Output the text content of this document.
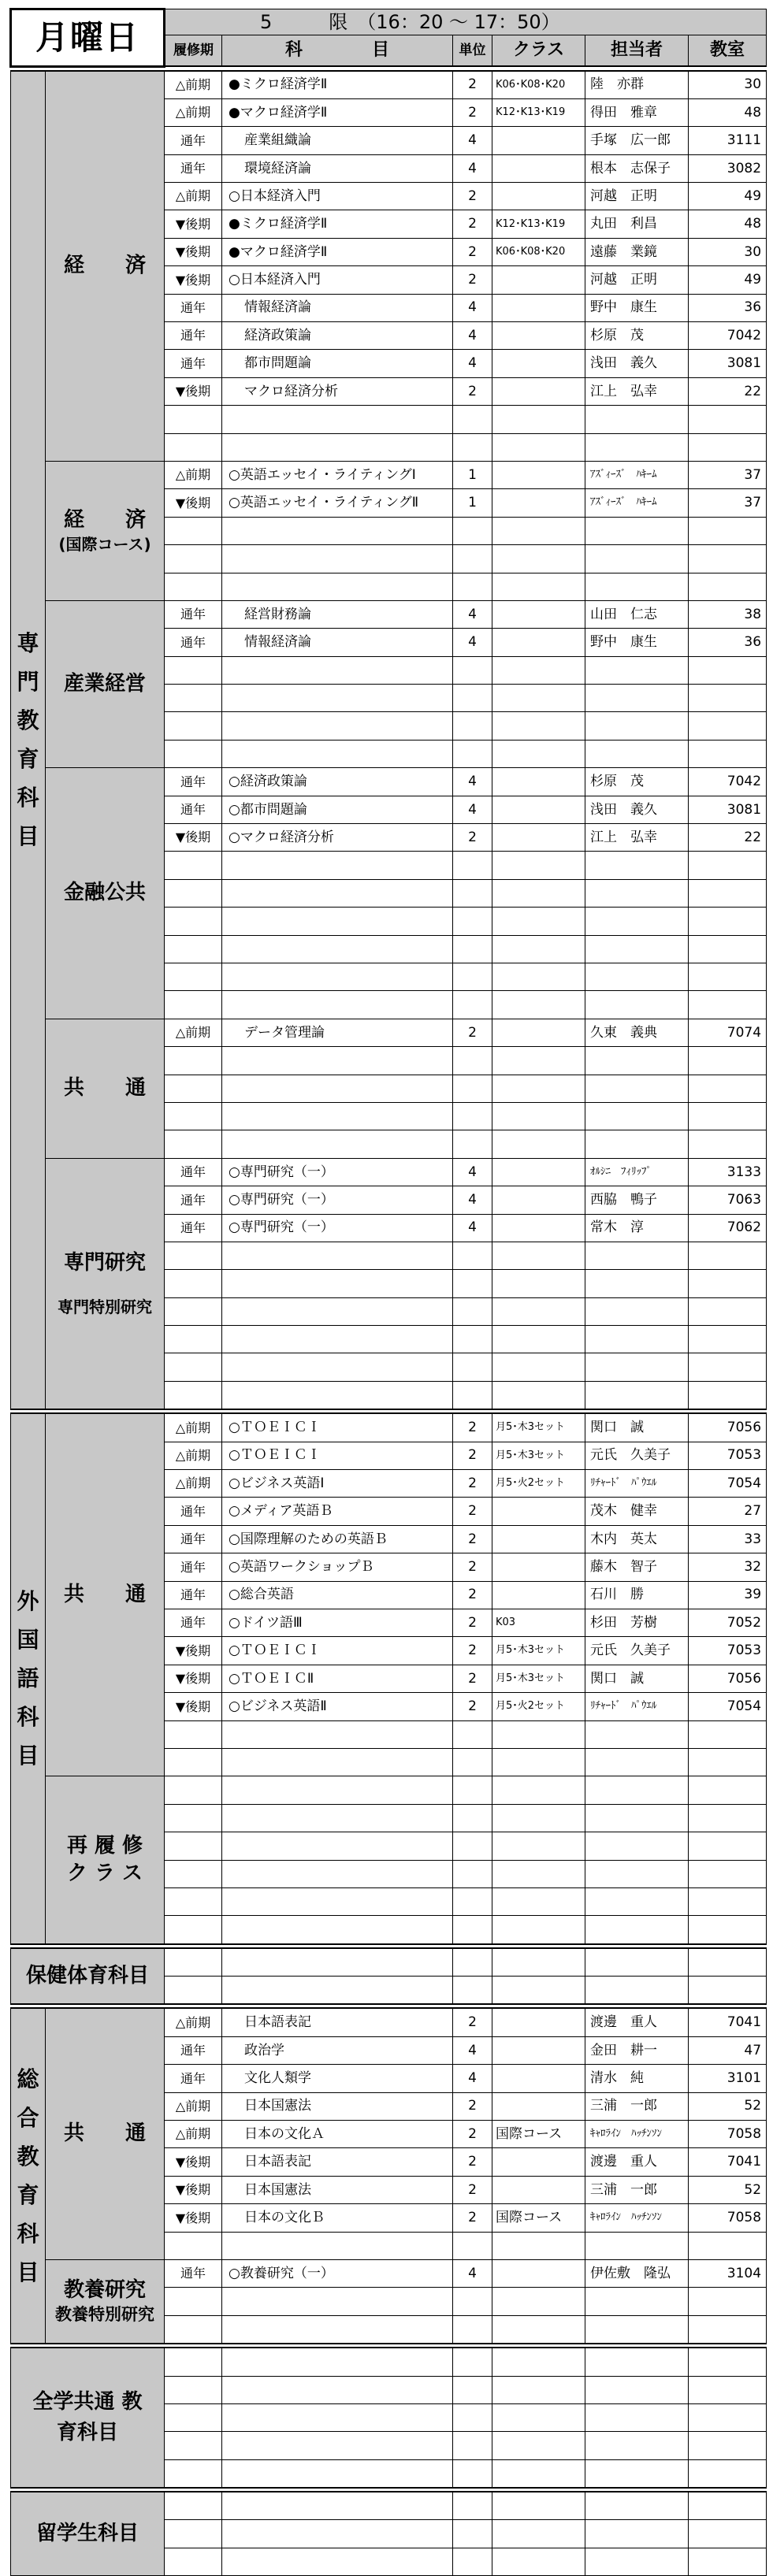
月曜日		5　　　限　（16：20 ～ 17：50）					
		履修期	科　　　　目	単位	クラス	担当者	教室

専門教育科目	経　　済	△前期	●ミクロ経済学Ⅱ	2	K06･K08･K20	陸　亦群	30
		△前期	●マクロ経済学Ⅱ	2	K12･K13･K19	得田　雅章	48
		通年	産業組織論	4		手塚　広一郎	3111
		通年	環境経済論	4		根本　志保子	3082
		△前期	○日本経済入門	2		河越　正明	49
		▼後期	●ミクロ経済学Ⅱ	2	K12･K13･K19	丸田　利昌	48
		▼後期	●マクロ経済学Ⅱ	2	K06･K08･K20	遠藤　業鏡	30
		▼後期	○日本経済入門	2		河越　正明	49
		通年	情報経済論	4		野中　康生	36
		通年	経済政策論	4		杉原　茂	7042
		通年	都市問題論	4		浅田　義久	3081
		▼後期	マクロ経済分析	2		江上　弘幸	22

	経　　済
(国際コース)	△前期	○英語エッセイ・ライティングⅠ	1		ｱｽﾞｨｰｽﾞ　ﾊｷｰﾑ	37
		▼後期	○英語エッセイ・ライティングⅡ	1		ｱｽﾞｨｰｽﾞ　ﾊｷｰﾑ	37

	産業経営	通年	経営財務論	4		山田　仁志	38
		通年	情報経済論	4		野中　康生	36

	金融公共	通年	○経済政策論	4		杉原　茂	7042
		通年	○都市問題論	4		浅田　義久	3081
		▼後期	○マクロ経済分析	2		江上　弘幸	22

	共　　通	△前期	データ管理論	2		久東　義典	7074

	専門研究
専門特別研究	通年	○専門研究（一）	4		ｵﾙｼﾆ　ﾌｨﾘｯﾌﾟ	3133
		通年	○専門研究（一）	4		西脇　鴨子	7063
		通年	○専門研究（一）	4		常木　淳	7062

外国語科目	共　　通	△前期	○ＴＯＥＩＣＩ	2	月5･木3セット	関口　誠	7056
		△前期	○ＴＯＥＩＣＩ	2	月5･木3セット	元氏　久美子	7053
		△前期	○ビジネス英語Ⅰ	2	月5･火2セット	ﾘﾁｬｰﾄﾞ　ﾊﾟｳｴﾙ	7054
		通年	○メディア英語Ｂ	2		茂木　健幸	27
		通年	○国際理解のための英語Ｂ	2		木内　英太	33
		通年	○英語ワークショップＢ	2		藤木　智子	32
		通年	○総合英語	2		石川　勝	39
		通年	○ドイツ語Ⅲ	2	K03	杉田　芳樹	7052
		▼後期	○ＴＯＥＩＣＩ	2	月5･木3セット	元氏　久美子	7053
		▼後期	○ＴＯＥＩＣⅡ	2	月5･木3セット	関口　誠	7056
		▼後期	○ビジネス英語Ⅱ	2	月5･火2セット	ﾘﾁｬｰﾄﾞ　ﾊﾟｳｴﾙ	7054

	再 履 修 ク ラ ス						

保健体育科目							

総合教育科目	共　　通	△前期	日本語表記	2		渡邊　重人	7041
		通年	政治学	4		金田　耕一	47
		通年	文化人類学	4		清水　純	3101
		△前期	日本国憲法	2		三浦　一郎	52
		△前期	日本の文化Ａ	2	国際コース	ｷｬﾛﾗｲﾝ　ﾊｯﾁﾝｿﾝ	7058
		▼後期	日本語表記	2		渡邊　重人	7041
		▼後期	日本国憲法	2		三浦　一郎	52
		▼後期	日本の文化Ｂ	2	国際コース	ｷｬﾛﾗｲﾝ　ﾊｯﾁﾝｿﾝ	7058

	教養研究
教養特別研究	通年	○教養研究（一）	4		伊佐敷　隆弘	3104

全学共通 教育科目							

留学生科目							
